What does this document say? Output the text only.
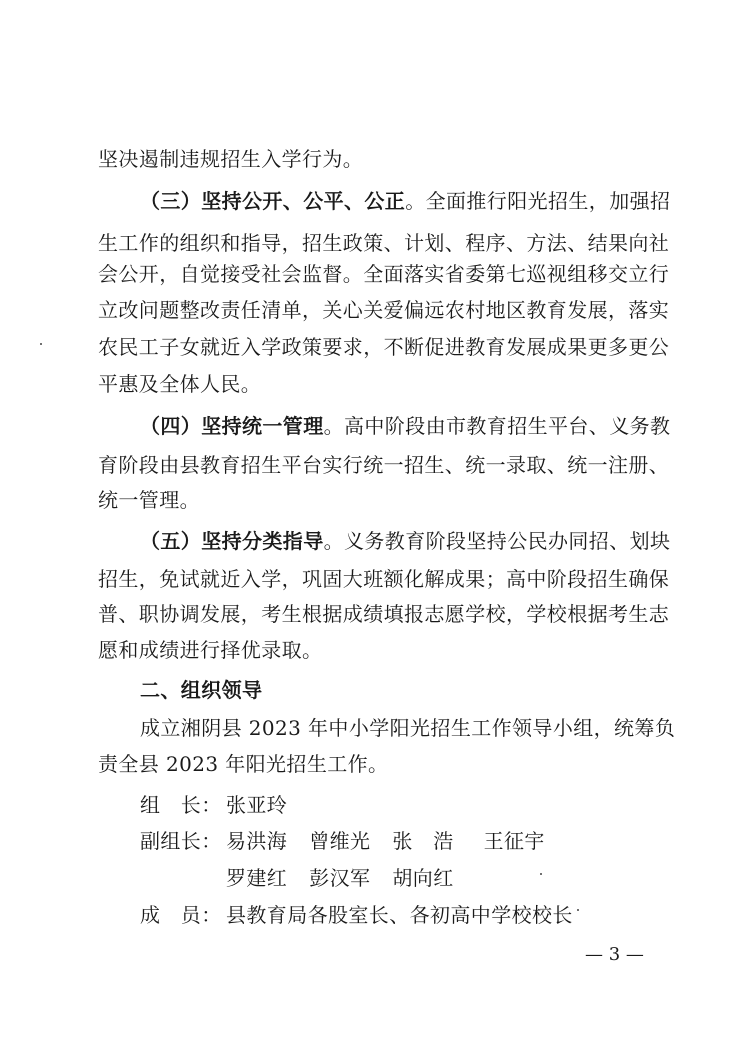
坚决遏制违规招生入学行为。
（三）坚持公开、公平、公正。全面推行阳光招生，加强招
生工作的组织和指导，招生政策、计划、程序、方法、结果向社
会公开，自觉接受社会监督。全面落实省委第七巡视组移交立行
立改问题整改责任清单，关心关爱偏远农村地区教育发展，落实
农民工子女就近入学政策要求，不断促进教育发展成果更多更公
平惠及全体人民。
（四）坚持统一管理。高中阶段由市教育招生平台、义务教
育阶段由县教育招生平台实行统一招生、统一录取、统一注册、
统一管理。
（五）坚持分类指导。义务教育阶段坚持公民办同招、划块
招生，免试就近入学，巩固大班额化解成果；高中阶段招生确保
普、职协调发展，考生根据成绩填报志愿学校，学校根据考生志
愿和成绩进行择优录取。
二、组织领导
成立湘阴县 2023 年中小学阳光招生工作领导小组，统筹负
责全县 2023 年阳光招生工作。
组　长： 张亚玲
副组长： 易洪海 曾维光 张　浩 王征宇
罗建红 彭汉军 胡向红
成　员： 县教育局各股室长、各初高中学校校长
— 3 —
